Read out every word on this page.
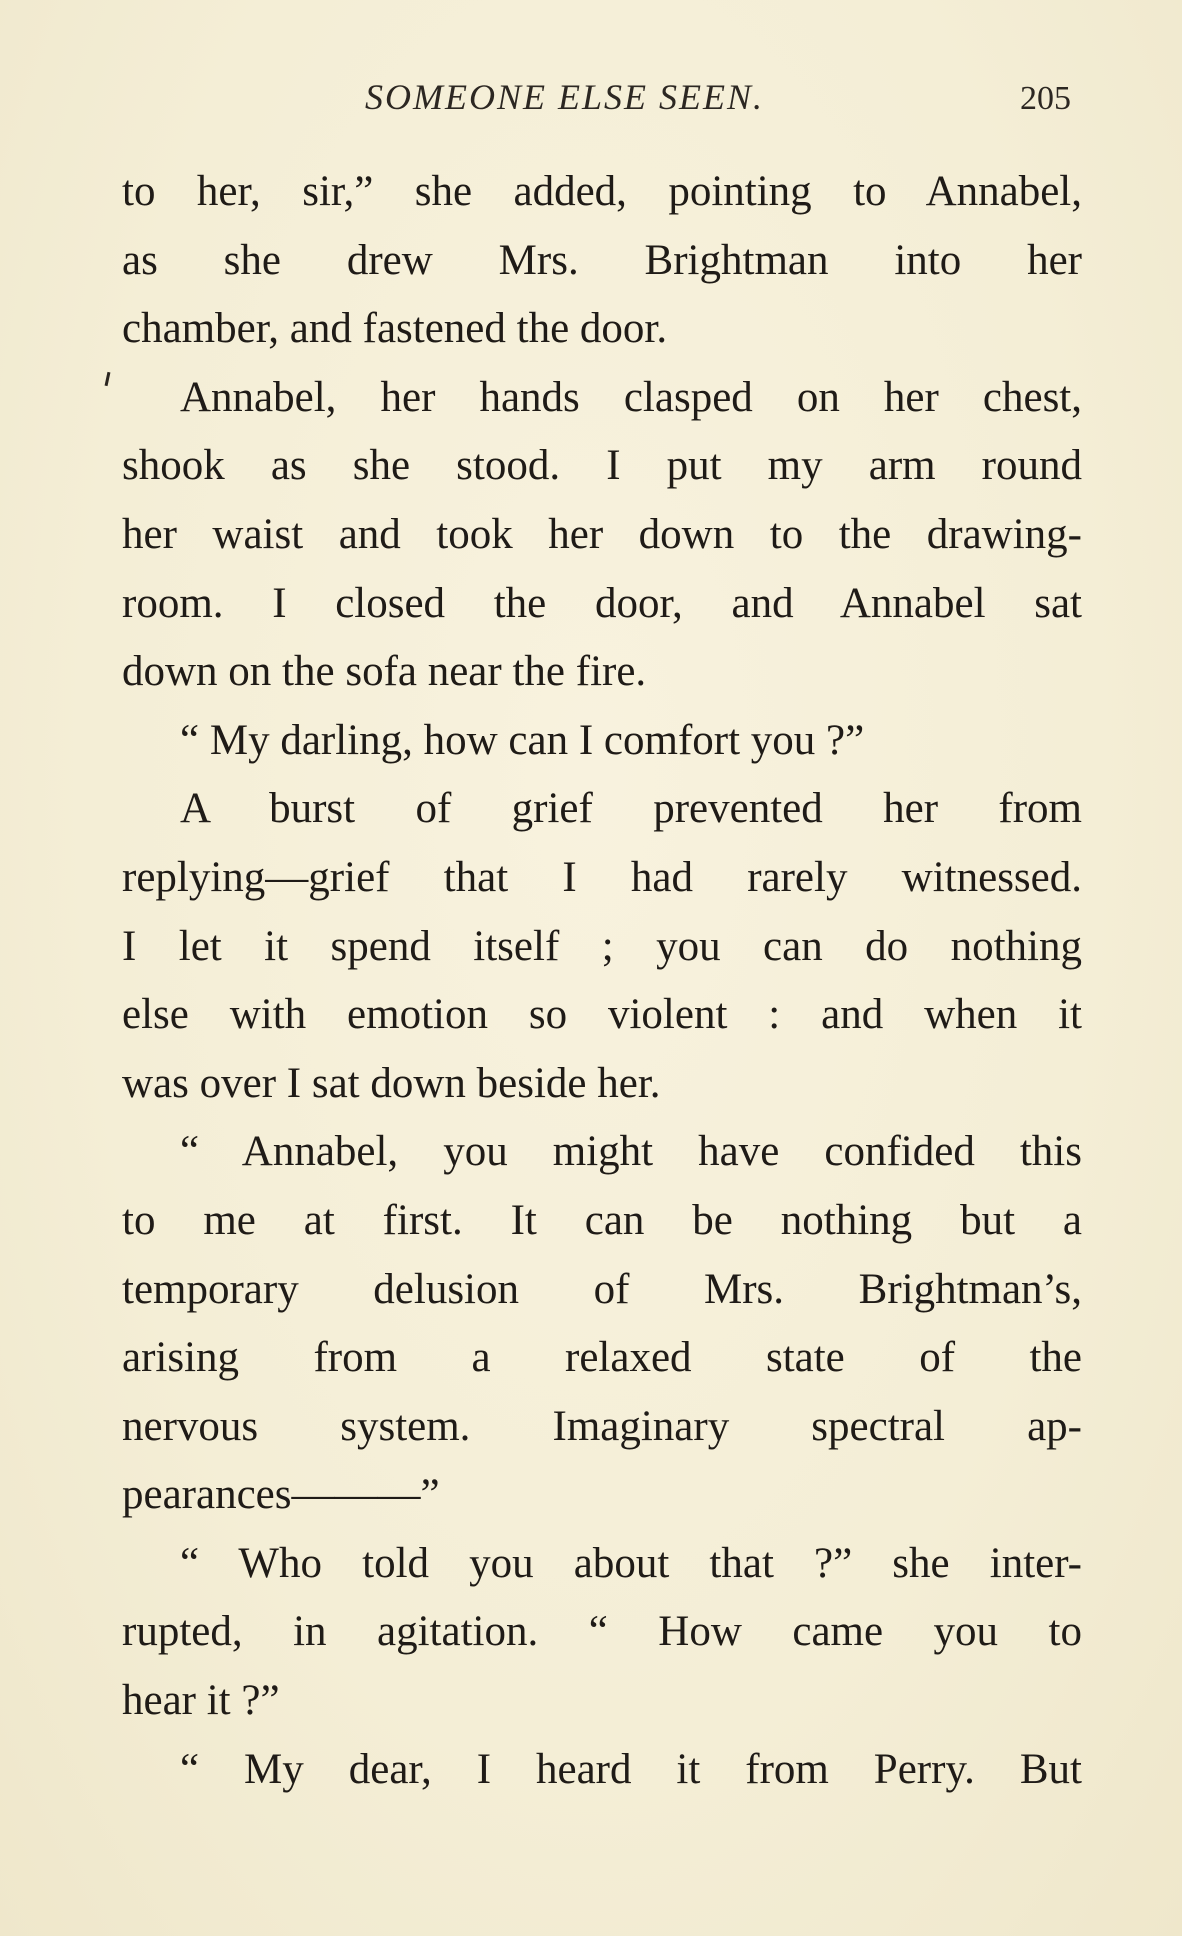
SOMEONE ELSE SEEN.	205
to her, sir,” she added, pointing to Annabel,
as she drew Mrs. Brightman into her
chamber, and fastened the door.
Annabel, her hands clasped on her chest,
shook as she stood. I put my arm round
her waist and took her down to the drawing-
room. I closed the door, and Annabel sat
down on the sofa near the fire.
“ My darling, how can I comfort you ?”
A burst of grief prevented her from
replying—grief that I had rarely witnessed.
I let it spend itself ; you can do nothing
else with emotion so violent : and when it
was over I sat down beside her.
“ Annabel, you might have confided this
to me at first. It can be nothing but a
temporary delusion of Mrs. Brightman’s,
arising from a relaxed state of the
nervous system. Imaginary spectral ap-
pearances———”
“ Who told you about that ?” she inter-
rupted, in agitation. “ How came you to
hear it ?”
“ My dear, I heard it from Perry. But
